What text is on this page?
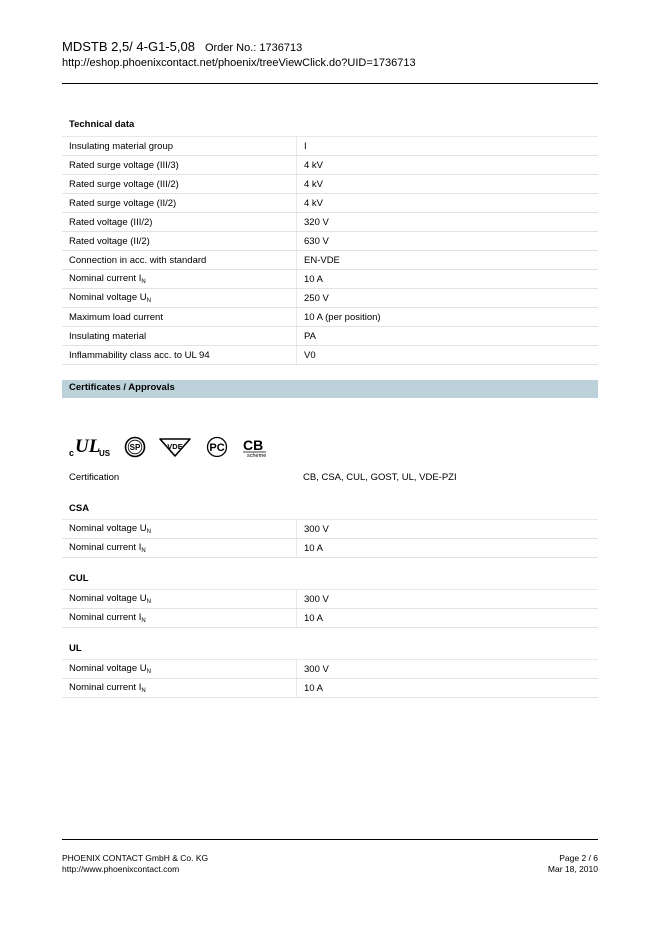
MDSTB 2,5/ 4-G1-5,08 Order No.: 1736713
http://eshop.phoenixcontact.net/phoenix/treeViewClick.do?UID=1736713
Technical data
Insulating material group	I
Rated surge voltage (III/3)	4 kV
Rated surge voltage (III/2)	4 kV
Rated surge voltage (II/2)	4 kV
Rated voltage (III/2)	320 V
Rated voltage (II/2)	630 V
Connection in acc. with standard	EN-VDE
Nominal current $I_N$	10 A
Nominal voltage $U_N$	250 V
Maximum load current	10 A (per position)
Insulating material	PA
Inflammability class acc. to UL 94	V0
Certificates / Approvals
c UL
US
SP	VDE PC CB
scheme
Certification	CB, CSA, CUL, GOST, UL, VDE-PZI
CSA
Nominal voltage $U_N$	300 V
Nominal current $I_N$	10 A
CUL
Nominal voltage $U_N$	300 V
Nominal current $I_N$	10 A
UL
Nominal voltage $U_N$	300 V
Nominal current $I_N$	10 A
PHOENIX CONTACT GmbH & Co. KG
http://www.phoenixcontact.com
Page 2 / 6
Mar 18, 2010
